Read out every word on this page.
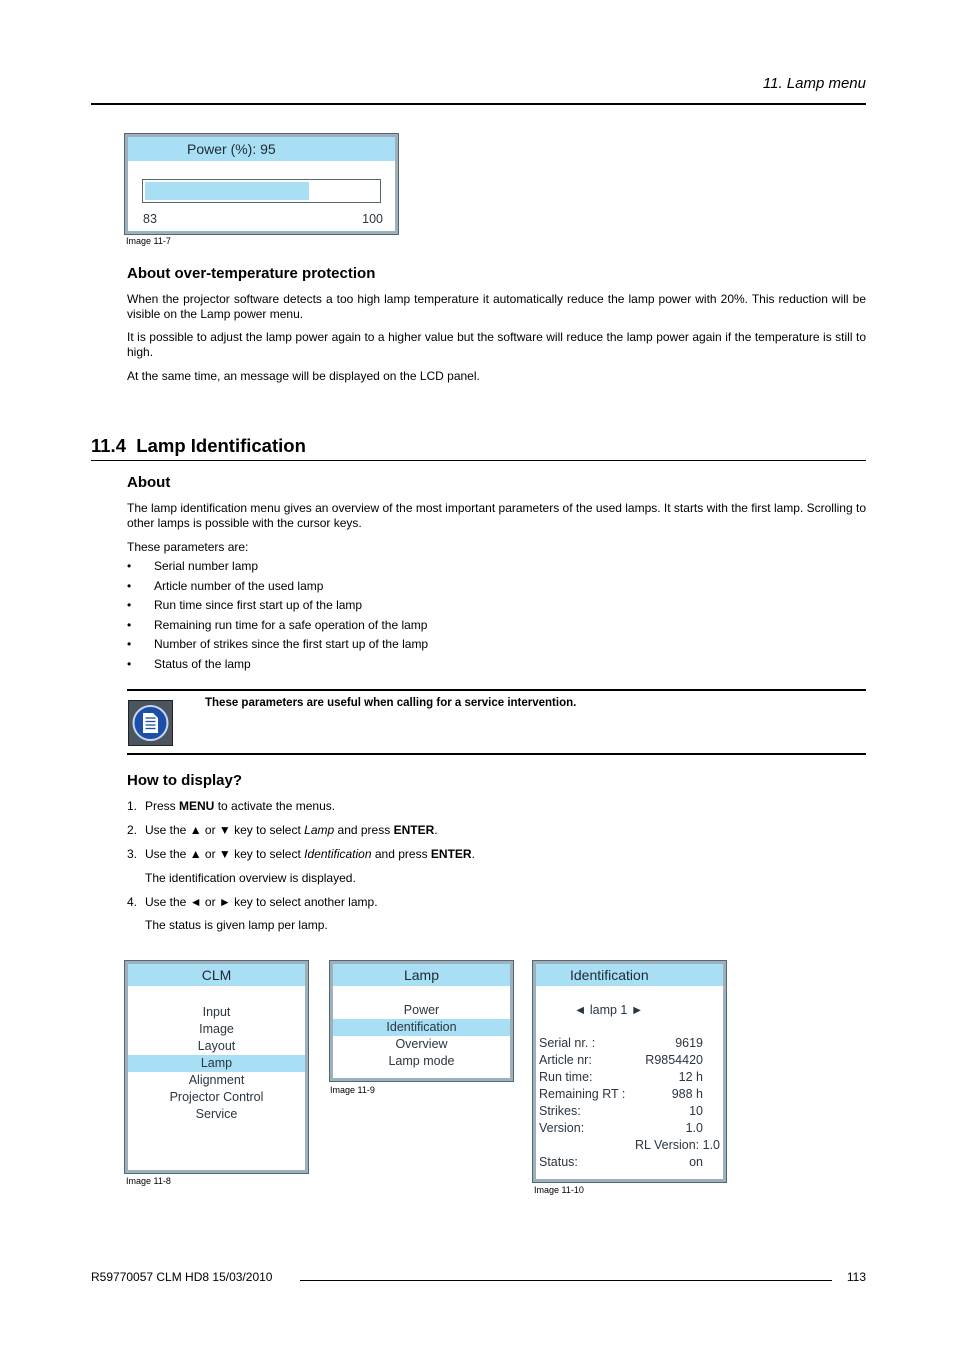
11. Lamp menu
Power (%): 95
83	100
Image 11-7
About over-temperature protection
When the projector software detects a too high lamp temperature it automatically reduce the lamp power with 20%. This reduction will be visible on the Lamp power menu.
It is possible to adjust the lamp power again to a higher value but the software will reduce the lamp power again if the temperature is still to high.
At the same time, an message will be displayed on the LCD panel.
11.4 Lamp Identification
About
The lamp identification menu gives an overview of the most important parameters of the used lamps. It starts with the first lamp. Scrolling to other lamps is possible with the cursor keys.
These parameters are:
• Serial number lamp
• Article number of the used lamp
• Run time since first start up of the lamp
• Remaining run time for a safe operation of the lamp
• Number of strikes since the first start up of the lamp
• Status of the lamp
These parameters are useful when calling for a service intervention.
How to display?
1. Press MENU to activate the menus.
2. Use the ▲ or ▼ key to select Lamp and press ENTER.
3. Use the ▲ or ▼ key to select Identification and press ENTER.
The identification overview is displayed.
4. Use the ◄ or ► key to select another lamp.
The status is given lamp per lamp.
CLM
Input
Image
Layout
Lamp
Alignment
Projector Control
Service
Image 11-8
Lamp
Power
Identification
Overview
Lamp mode
Image 11-9
Identification
◄ lamp 1 ►
Serial nr. :	9619
Article nr:	R9854420
Run time:	12 h
Remaining RT :	988 h
Strikes:	10
Version:	1.0
RL Version: 1.0
Status:	on
Image 11-10
R59770057 CLM HD8 15/03/2010	113
